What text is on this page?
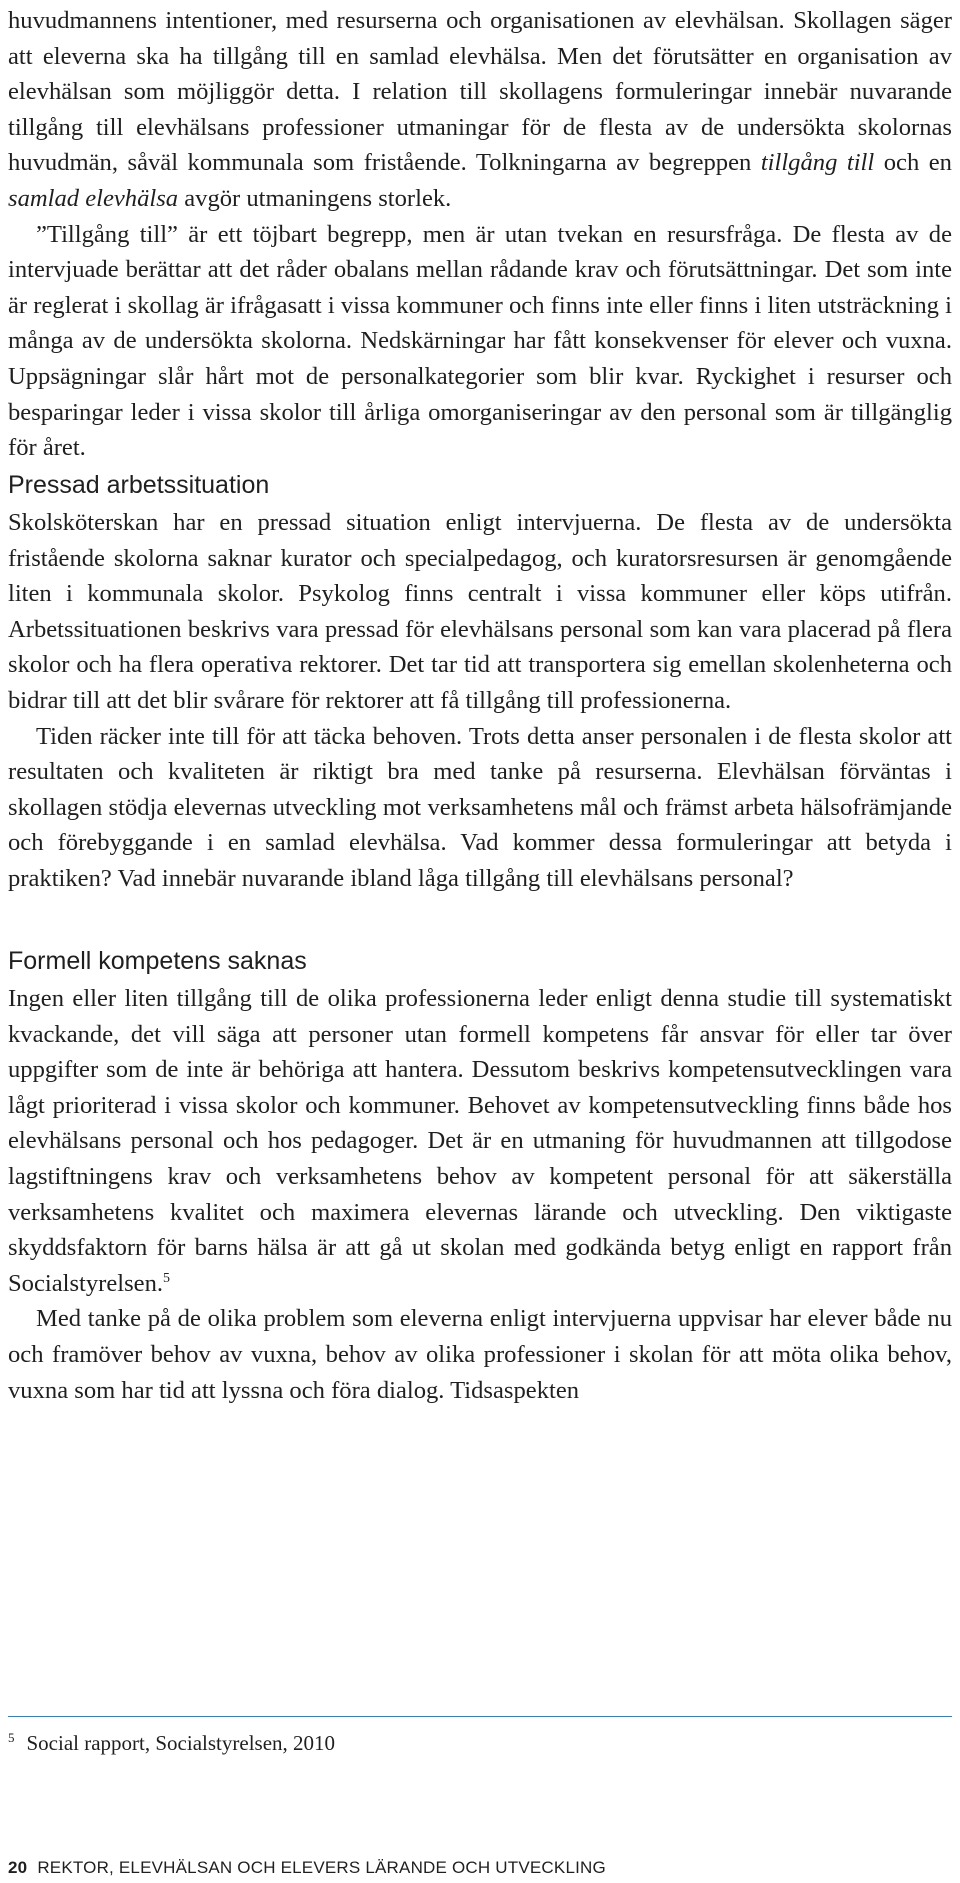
huvudmannens intentioner, med resurserna och organisationen av elevhälsan. Skollagen säger att eleverna ska ha tillgång till en samlad elevhälsa. Men det förutsätter en organisation av elevhälsan som möjliggör detta. I relation till skollagens formuleringar innebär nuvarande tillgång till elevhälsans professioner utmaningar för de flesta av de undersökta skolornas huvudmän, såväl kommunala som fristående. Tolkningarna av begreppen tillgång till och en samlad elevhälsa avgör utmaningens storlek.

”Tillgång till” är ett töjbart begrepp, men är utan tvekan en resursfråga. De flesta av de intervjuade berättar att det råder obalans mellan rådande krav och förutsättningar. Det som inte är reglerat i skollag är ifrågasatt i vissa kommuner och finns inte eller finns i liten utsträckning i många av de undersökta skolorna. Nedskärningar har fått konsekvenser för elever och vuxna. Uppsägningar slår hårt mot de personalkategorier som blir kvar. Ryckighet i resurser och besparingar leder i vissa skolor till årliga omorganiseringar av den personal som är tillgänglig för året.

Pressad arbetssituation

Skolsköterskan har en pressad situation enligt intervjuerna. De flesta av de undersökta fristående skolorna saknar kurator och specialpedagog, och kuratorsresursen är genomgående liten i kommunala skolor. Psykolog finns centralt i vissa kommuner eller köps utifrån. Arbetssituationen beskrivs vara pressad för elevhälsans personal som kan vara placerad på flera skolor och ha flera operativa rektorer. Det tar tid att transportera sig emellan skolenheterna och bidrar till att det blir svårare för rektorer att få tillgång till professionerna.

Tiden räcker inte till för att täcka behoven. Trots detta anser personalen i de flesta skolor att resultaten och kvaliteten är riktigt bra med tanke på resurserna. Elevhälsan förväntas i skollagen stödja elevernas utveckling mot verksamhetens mål och främst arbeta hälsofrämjande och förebyggande i en samlad elevhälsa. Vad kommer dessa formuleringar att betyda i praktiken? Vad innebär nuvarande ibland låga tillgång till elevhälsans personal?

Formell kompetens saknas

Ingen eller liten tillgång till de olika professionerna leder enligt denna studie till systematiskt kvackande, det vill säga att personer utan formell kompetens får ansvar för eller tar över uppgifter som de inte är behöriga att hantera. Dessutom beskrivs kompetensutvecklingen vara lågt prioriterad i vissa skolor och kommuner. Behovet av kompetensutveckling finns både hos elevhälsans personal och hos pedagoger. Det är en utmaning för huvudmannen att tillgodose lagstiftningens krav och verksamhetens behov av kompetent personal för att säkerställa verksamhetens kvalitet och maximera elevernas lärande och utveckling. Den viktigaste skyddsfaktorn för barns hälsa är att gå ut skolan med godkända betyg enligt en rapport från Socialstyrelsen.$^5$

Med tanke på de olika problem som eleverna enligt intervjuerna uppvisar har elever både nu och framöver behov av vuxna, behov av olika professioner i skolan för att möta olika behov, vuxna som har tid att lyssna och föra dialog. Tidsaspekten

$^5$ Social rapport, Socialstyrelsen, 2010
20 REKTOR, ELEVHÄLSAN OCH ELEVERS LÄRANDE OCH UTVECKLING
